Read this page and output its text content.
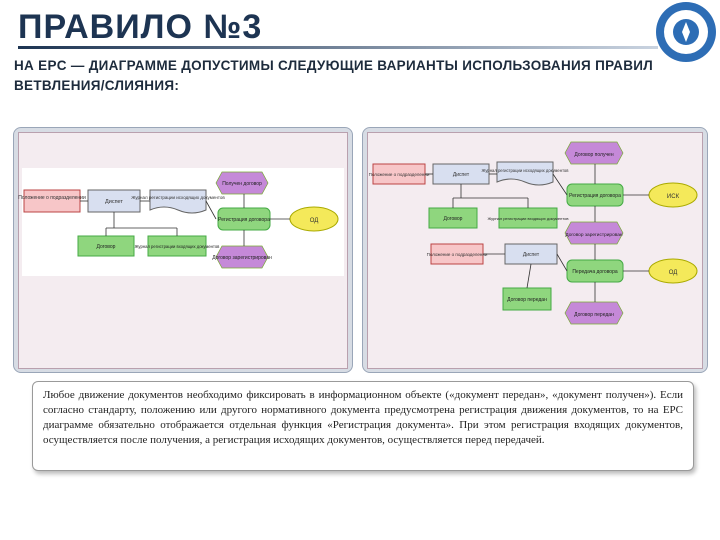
ПРАВИЛО №3
НА EPC — ДИАГРАММЕ ДОПУСТИМЫ СЛЕДУЮЩИЕ ВАРИАНТЫ ИСПОЛЬЗОВАНИЯ ПРАВИЛ ВЕТВЛЕНИЯ/СЛИЯНИЯ:
Положение о подразделении
Диспет
Журнал регистрации исходящих документов
Получен договор
Регистрация договора	ОД
Договор зарегистрирован
Договор	Журнал регистрации входящих документов
Договор получен
Положение о подразделении	Диспет
Журнал регистрации исходящих документов
Регистрация договора	ИСК
Договор зарегистрирован
Договор	Журнал регистрации входящих документов
Положение о подразделении	Диспет
Передача договора	ОД
Договор передан
Договор передан

Любое движение документов необходимо фиксировать в информационном объекте («документ передан», «документ получен»). Если согласно стандарту, положению или другого нормативного документа предусмотрена регистрация движения документов, то на EPC диаграмме обязательно отображается отдельная функция «Регистрация документа». При этом регистрация входящих документов, осуществляется после получения, а регистрация исходящих документов, осуществляется перед передачей.
